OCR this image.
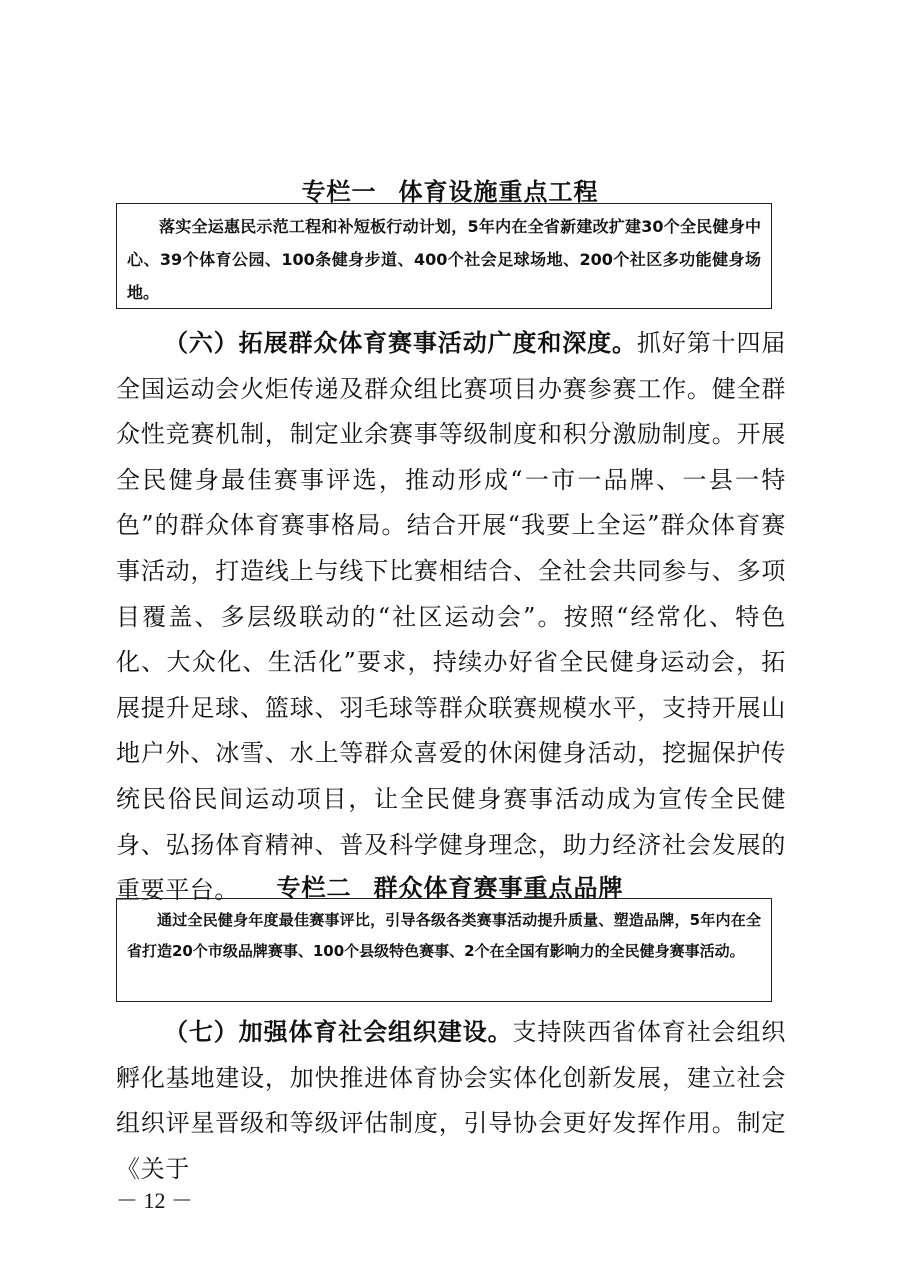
专栏一 体育设施重点工程
落实全运惠民示范工程和补短板行动计划，5年内在全省新建改扩建30个全民健身中心、39个体育公园、100条健身步道、400个社会足球场地、200个社区多功能健身场地。
（六）拓展群众体育赛事活动广度和深度。抓好第十四届全国运动会火炬传递及群众组比赛项目办赛参赛工作。健全群众性竞赛机制，制定业余赛事等级制度和积分激励制度。开展全民健身最佳赛事评选，推动形成“一市一品牌、一县一特色”的群众体育赛事格局。结合开展“我要上全运”群众体育赛事活动，打造线上与线下比赛相结合、全社会共同参与、多项目覆盖、多层级联动的“社区运动会”。按照“经常化、特色化、大众化、生活化”要求，持续办好省全民健身运动会，拓展提升足球、篮球、羽毛球等群众联赛规模水平，支持开展山地户外、冰雪、水上等群众喜爱的休闲健身活动，挖掘保护传统民俗民间运动项目，让全民健身赛事活动成为宣传全民健身、弘扬体育精神、普及科学健身理念，助力经济社会发展的重要平台。	专栏二 群众体育赛事重点品牌
通过全民健身年度最佳赛事评比，引导各级各类赛事活动提升质量、塑造品牌，5年内在全省打造20个市级品牌赛事、100个县级特色赛事、2个在全国有影响力的全民健身赛事活动。
（七）加强体育社会组织建设。支持陕西省体育社会组织孵化基地建设，加快推进体育协会实体化创新发展，建立社会组织评星晋级和等级评估制度，引导协会更好发挥作用。制定《关于
－ 12 －
